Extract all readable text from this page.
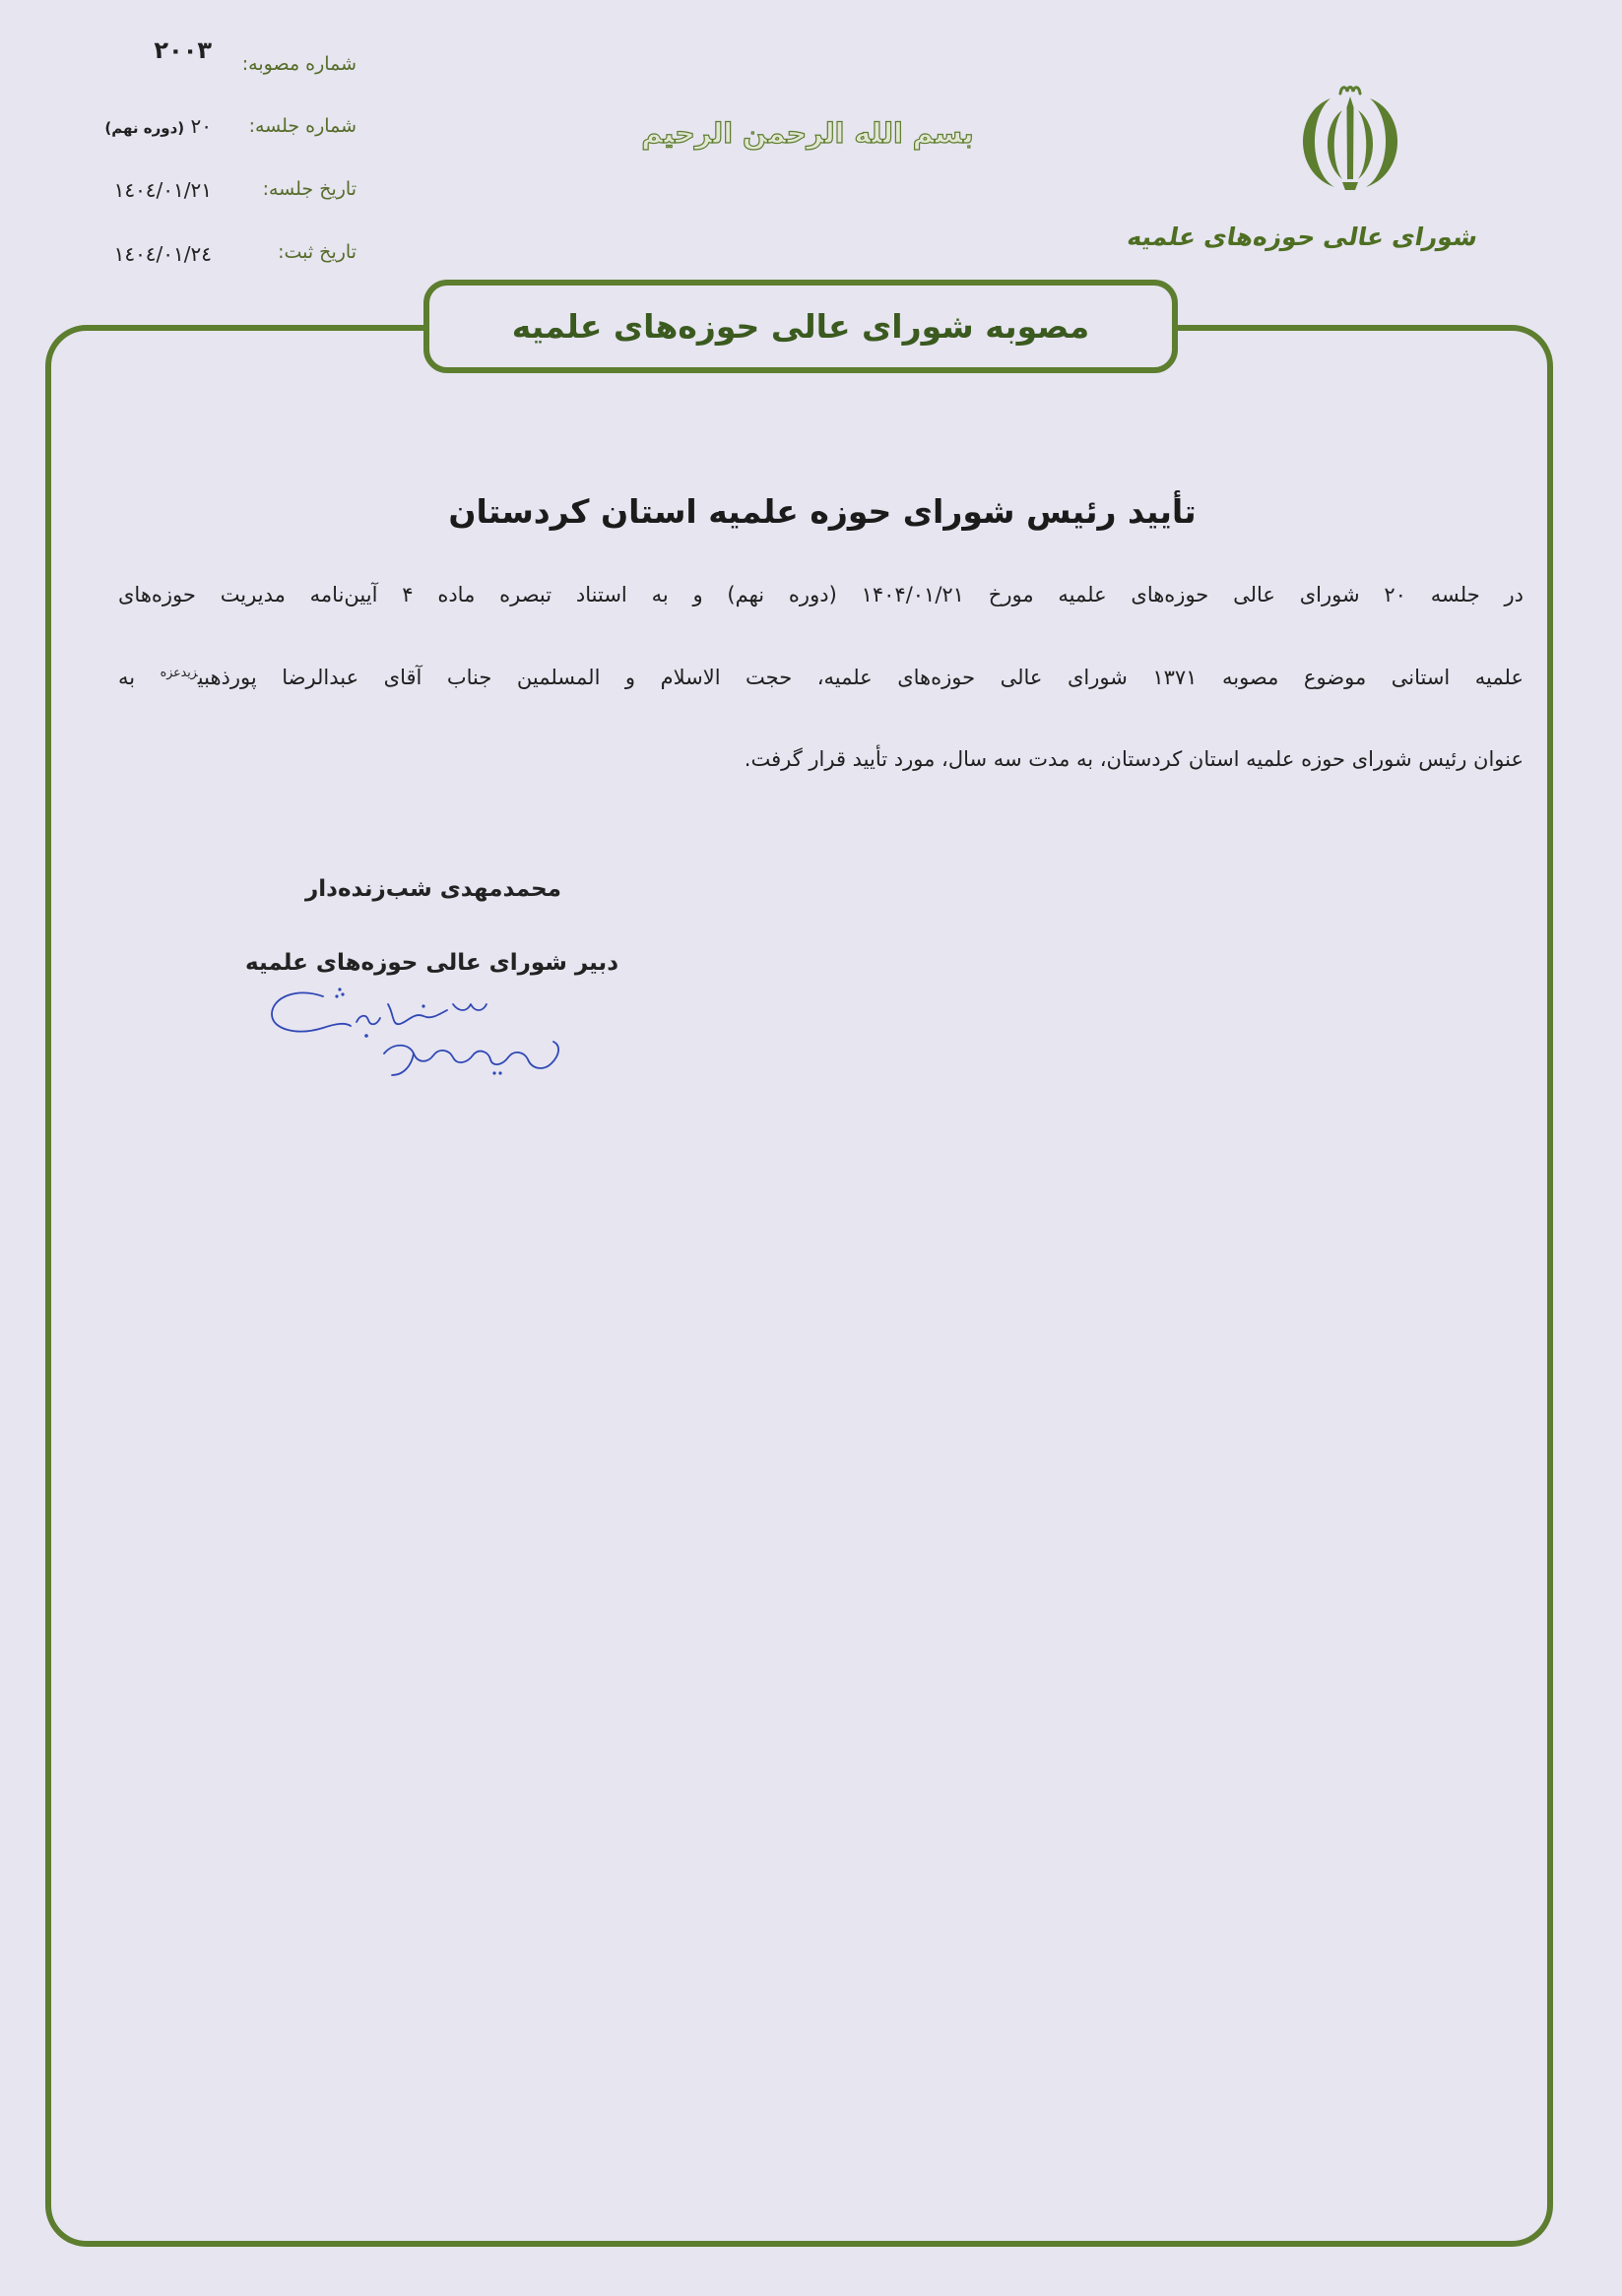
شورای عالی حوزه‌های علمیه
بسم الله الرحمن الرحیم
شماره مصوبه:
۲۰۰۳
شماره جلسه:
۲۰ (دوره نهم)
تاریخ جلسه:
١٤٠٤/٠١/٢١
تاریخ ثبت:
١٤٠٤/٠١/٢٤
مصوبه شورای عالی حوزه‌های علمیه
تأیید رئیس شورای حوزه علمیه استان کردستان
در جلسه ۲۰ شورای عالی حوزه‌های علمیه مورخ ۱۴۰۴/۰۱/۲۱ (دوره نهم) و به استناد تبصره ماده ۴ آیین‌نامه مدیریت حوزه‌های
علمیه استانی موضوع مصوبه ۱۳۷۱ شورای عالی حوزه‌های علمیه، حجت الاسلام و المسلمین جناب آقای عبدالرضا پورذهبی$^{زیدعزه}$ به
عنوان رئیس شورای حوزه علمیه استان کردستان، به مدت سه سال، مورد تأیید قرار گرفت.
محمدمهدی شب‌زنده‌دار
دبیر شورای عالی حوزه‌های علمیه
